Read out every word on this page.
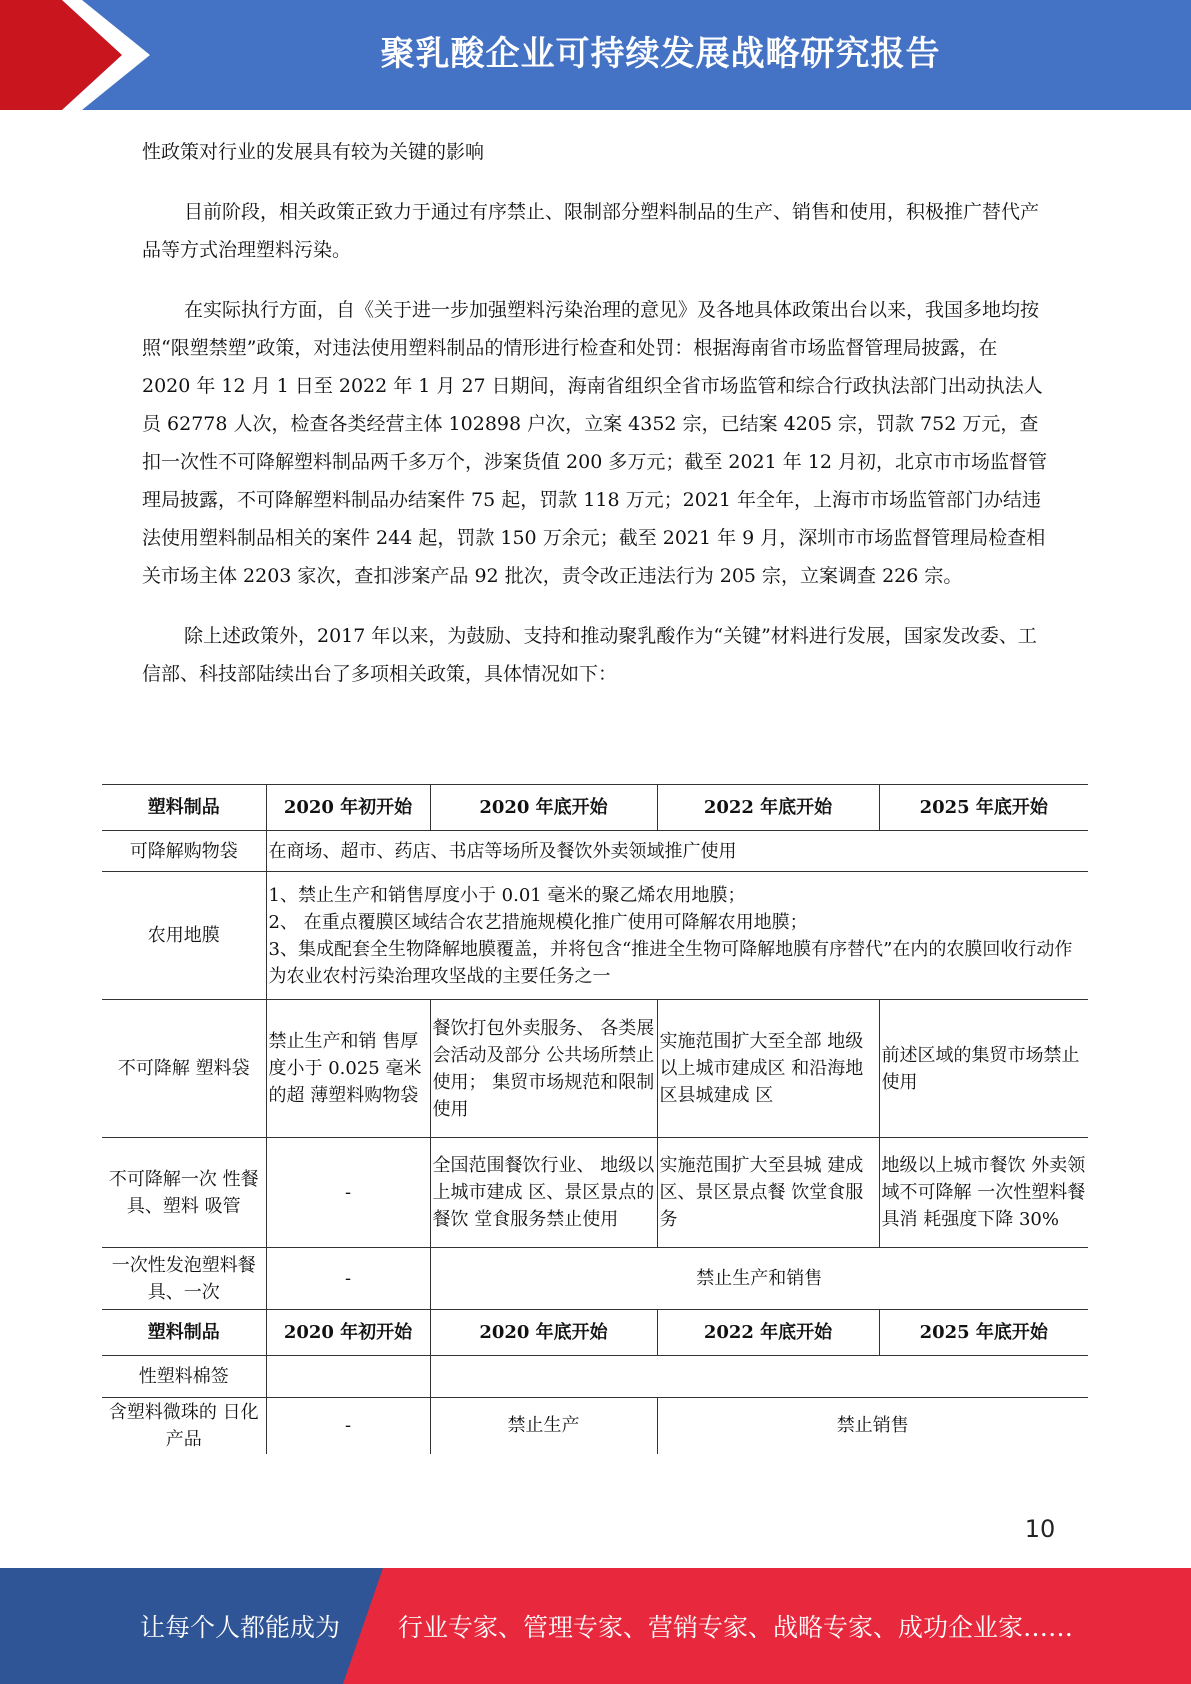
聚乳酸企业可持续发展战略研究报告

性政策对行业的发展具有较为关键的影响

目前阶段，相关政策正致力于通过有序禁止、限制部分塑料制品的生产、销售和使用，积极推广替代产品等方式治理塑料污染。

在实际执行方面，自《关于进一步加强塑料污染治理的意见》及各地具体政策出台以来，我国多地均按照“限塑禁塑”政策，对违法使用塑料制品的情形进行检查和处罚：根据海南省市场监督管理局披露，在 2020 年 12 月 1 日至 2022 年 1 月 27 日期间，海南省组织全省市场监管和综合行政执法部门出动执法人员 62778 人次，检查各类经营主体 102898 户次，立案 4352 宗，已结案 4205 宗，罚款 752 万元，查扣一次性不可降解塑料制品两千多万个，涉案货值 200 多万元；截至 2021 年 12 月初，北京市市场监督管理局披露，不可降解塑料制品办结案件 75 起，罚款 118 万元；2021 年全年，上海市市场监管部门办结违法使用塑料制品相关的案件 244 起，罚款 150 万余元；截至 2021 年 9 月，深圳市市场监督管理局检查相关市场主体 2203 家次，查扣涉案产品 92 批次，责令改正违法行为 205 宗，立案调查 226 宗。

除上述政策外，2017 年以来，为鼓励、支持和推动聚乳酸作为“关键”材料进行发展，国家发改委、工信部、科技部陆续出台了多项相关政策，具体情况如下：

塑料制品	2020 年初开始	2020 年底开始	2022 年底开始	2025 年底开始
可降解购物袋	在商场、超市、药店、书店等场所及餐饮外卖领域推广使用			
农用地膜	1、禁止生产和销售厚度小于 0.01 毫米的聚乙烯农用地膜；
2、 在重点覆膜区域结合农艺措施规模化推广使用可降解农用地膜；
3、集成配套全生物降解地膜覆盖，并将包含“推进全生物可降解地膜有序替代”在内的农膜回收行动作为农业农村污染治理攻坚战的主要任务之一			

不可降解 塑料袋	禁止生产和销 售厚度小于 0.025 毫米的超 薄塑料购物袋	餐饮打包外卖服务、 各类展会活动及部分 公共场所禁止使用； 集贸市场规范和限制 使用	实施范围扩大至全部 地级以上城市建成区 和沿海地区县城建成 区	前述区域的集贸市场禁止使用
不可降解一次 性餐具、塑料 吸管	-	全国范围餐饮行业、 地级以上城市建成 区、景区景点的餐饮 堂食服务禁止使用	实施范围扩大至县城 建成区、景区景点餐 饮堂食服务	地级以上城市餐饮 外卖领域不可降解 一次性塑料餐具消 耗强度下降 30%
一次性发泡塑料餐具、一次	-	禁止生产和销售		
塑料制品	2020 年初开始	2020 年底开始	2022 年底开始	2025 年底开始
性塑料棉签				
含塑料微珠的 日化产品	-	禁止生产	禁止销售	
10
让每个人都能成为 行业专家、管理专家、营销专家、战略专家、成功企业家……
